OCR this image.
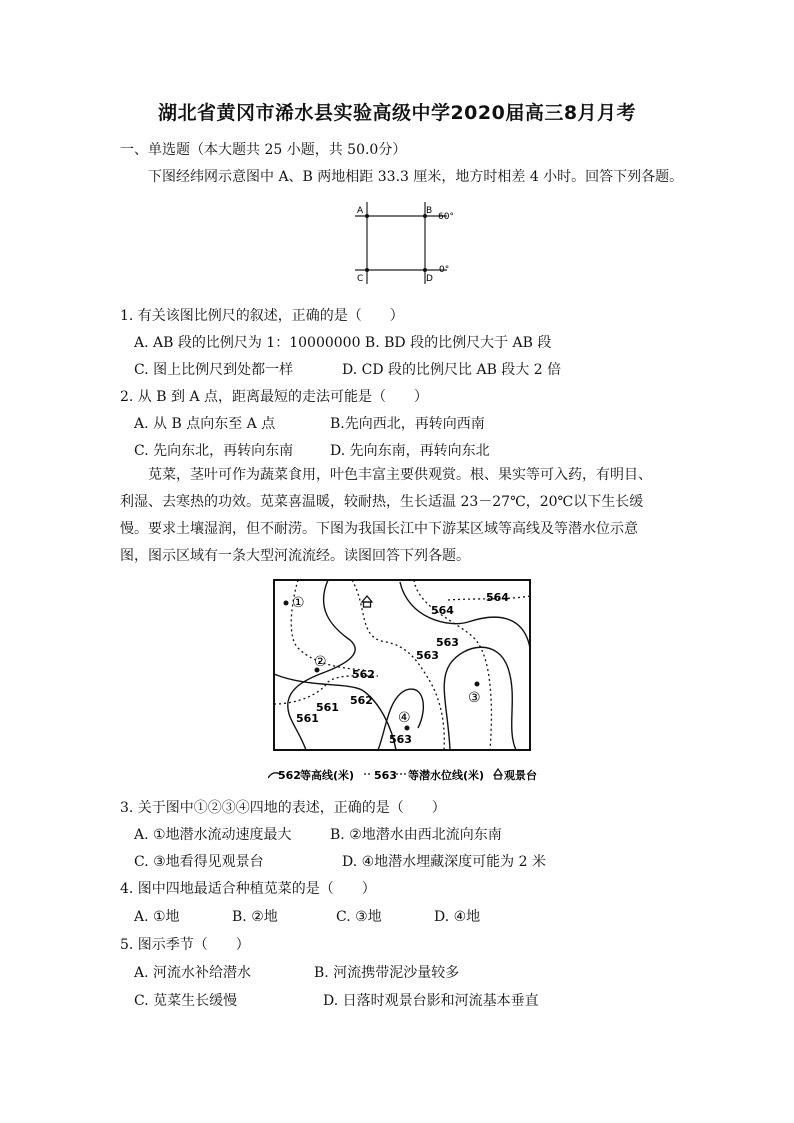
湖北省黄冈市浠水县实验高级中学2020届高三8月月考
一、单选题（本大题共 25 小题，共 50.0分）
下图经纬网示意图中 A、B 两地相距 33.3 厘米，地方时相差 4 小时。回答下列各题。
A	B
C	D
60°
0°
1. 有关该图比例尺的叙述，正确的是（　　）
A. AB 段的比例尺为 1：10000000 B. BD 段的比例尺大于 AB 段
C. 图上比例尺到处都一样	D. CD 段的比例尺比 AB 段大 2 倍
2. 从 B 到 A 点，距离最短的走法可能是（　　）
A. 从 B 点向东至 A 点	B.先向西北，再转向西南
C. 先向东北，再转向东南	D. 先向东南，再转向东北
苋菜，茎叶可作为蔬菜食用，叶色丰富主要供观赏。根、果实等可入药，有明目、利湿、去寒热的功效。苋菜喜温暖，较耐热，生长适温 23－27℃，20℃以下生长缓慢。要求土壤湿润，但不耐涝。下图为我国长江中下游某区域等高线及等潜水位示意图，图示区域有一条大型河流流经。读图回答下列各题。
①
②
③
④
564
564
563
563
562
562
561
561
563
562 等高线(米) 563 等潜水位线(米) 观景台
3. 关于图中①②③④四地的表述，正确的是（　　）
A. ①地潜水流动速度最大	B. ②地潜水由西北流向东南
C. ③地看得见观景台	D. ④地潜水埋藏深度可能为 2 米
4. 图中四地最适合种植苋菜的是（　　）
A. ①地	B. ②地	C. ③地	D. ④地
5. 图示季节（　　）
A. 河流水补给潜水	B. 河流携带泥沙量较多
C. 苋菜生长缓慢	D. 日落时观景台影和河流基本垂直
